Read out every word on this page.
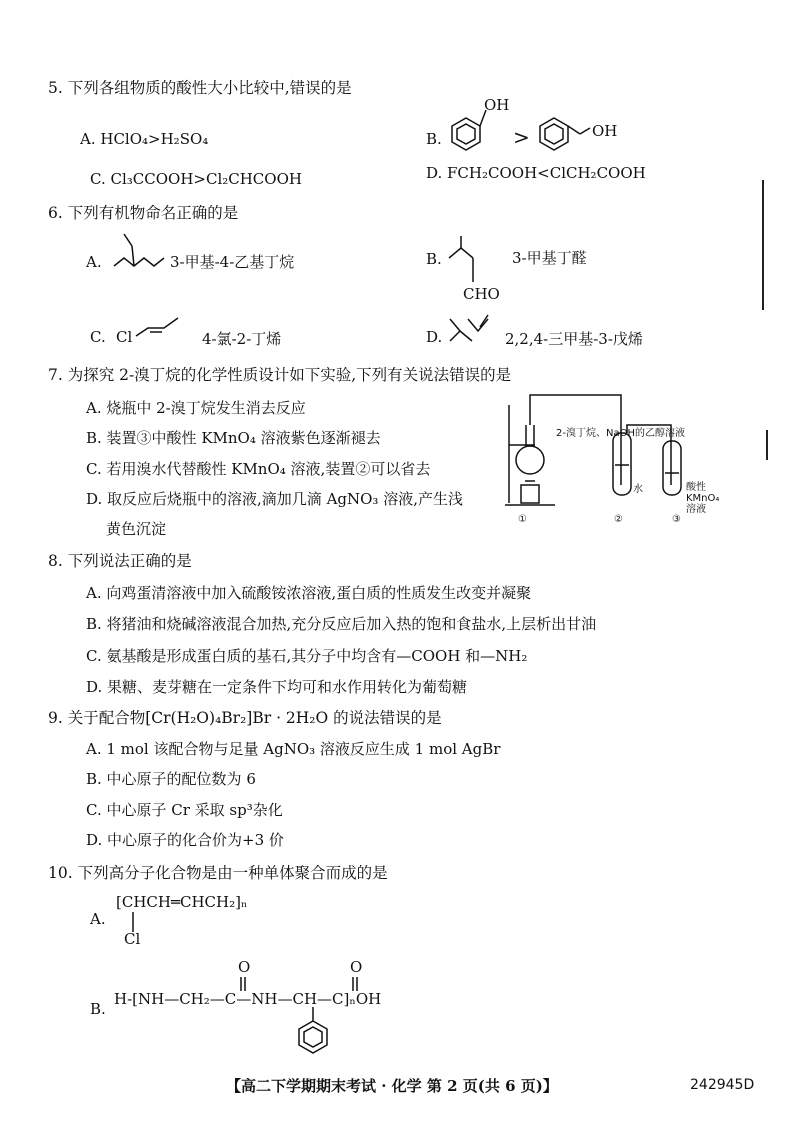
5. 下列各组物质的酸性大小比较中,错误的是
A. HClO₄>H₂SO₄	B.
OH
>	OH
C. Cl₃CCOOH>Cl₂CHCOOH	D. FCH₂COOH<ClCH₂COOH
6. 下列有机物命名正确的是
A.	3-甲基-4-乙基丁烷	B.	3-甲基丁醛
CHO
C. Cl	4-氯-2-丁烯	D.	2,2,4-三甲基-3-戊烯
7. 为探究 2-溴丁烷的化学性质设计如下实验,下列有关说法错误的是
A. 烧瓶中 2-溴丁烷发生消去反应
B. 装置③中酸性 KMnO₄ 溶液紫色逐渐褪去
C. 若用溴水代替酸性 KMnO₄ 溶液,装置②可以省去
D. 取反应后烧瓶中的溶液,滴加几滴 AgNO₃ 溶液,产生浅
黄色沉淀
2-溴丁烷、NaOH的乙醇溶液
水	酸性 KMnO₄ 溶液
①	②	③
8. 下列说法正确的是
A. 向鸡蛋清溶液中加入硫酸铵浓溶液,蛋白质的性质发生改变并凝聚
B. 将猪油和烧碱溶液混合加热,充分反应后加入热的饱和食盐水,上层析出甘油
C. 氨基酸是形成蛋白质的基石,其分子中均含有—COOH 和—NH₂
D. 果糖、麦芽糖在一定条件下均可和水作用转化为葡萄糖
9. 关于配合物[Cr(H₂O)₄Br₂]Br · 2H₂O 的说法错误的是
A. 1 mol 该配合物与足量 AgNO₃ 溶液反应生成 1 mol AgBr
B. 中心原子的配位数为 6
C. 中心原子 Cr 采取 sp³杂化
D. 中心原子的化合价为+3 价
10. 下列高分子化合物是由一种单体聚合而成的是
A.
[CHCH═CHCH₂]ₙ
Cl
B.
H-[NH—CH₂—C—NH—CH—C]ₙOH
O	O
【高二下学期期末考试 · 化学 第 2 页(共 6 页)】	242945D
